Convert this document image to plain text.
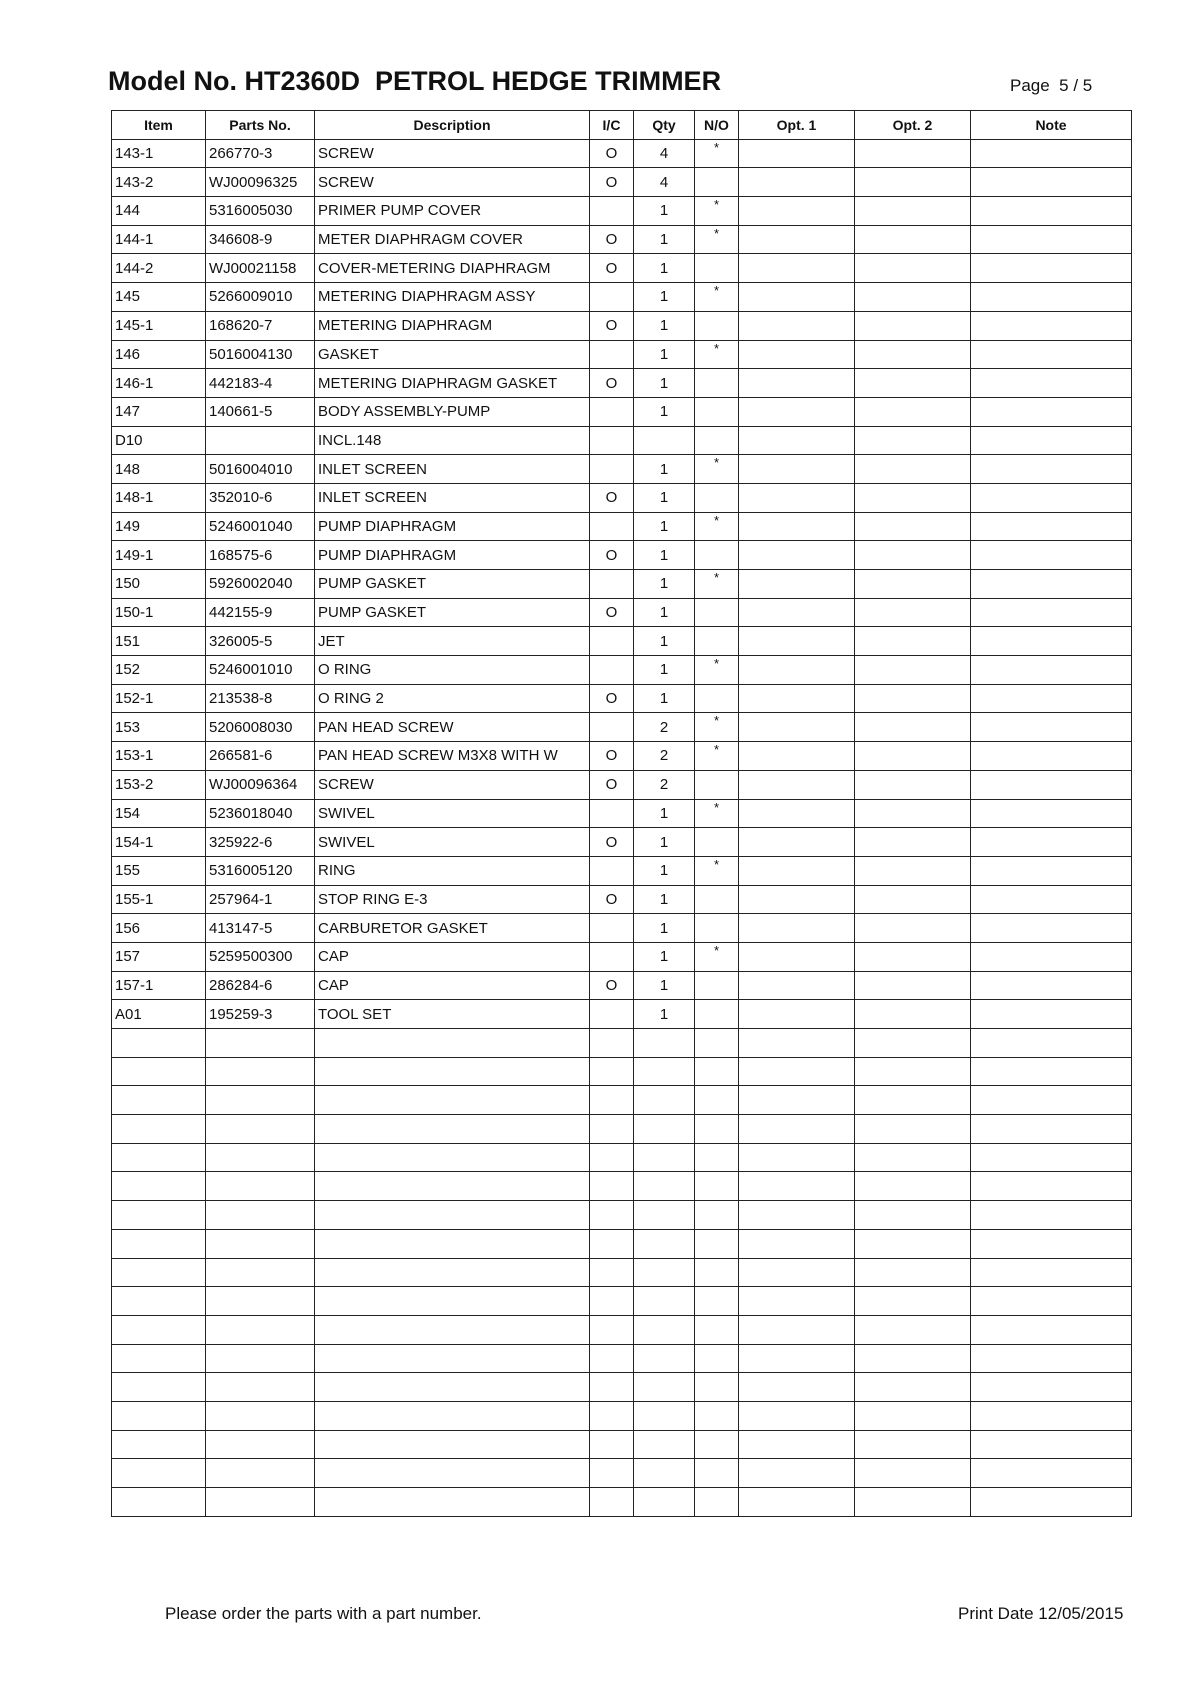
Model No. HT2360D  PETROL HEDGE TRIMMER	Page  5 / 5
Item	Parts No.	Description	I/C	Qty	N/O	Opt. 1	Opt. 2	Note
143-1	266770-3	SCREW	O	4	*			
143-2	WJ00096325	SCREW	O	4				
144	5316005030	PRIMER PUMP COVER		1	*			
144-1	346608-9	METER DIAPHRAGM COVER	O	1	*			
144-2	WJ00021158	COVER-METERING DIAPHRAGM	O	1				
145	5266009010	METERING DIAPHRAGM ASSY		1	*			
145-1	168620-7	METERING DIAPHRAGM	O	1				
146	5016004130	GASKET		1	*			
146-1	442183-4	METERING DIAPHRAGM GASKET	O	1				
147	140661-5	BODY ASSEMBLY-PUMP		1				
D10		INCL.148						
148	5016004010	INLET SCREEN		1	*			
148-1	352010-6	INLET SCREEN	O	1				
149	5246001040	PUMP DIAPHRAGM		1	*			
149-1	168575-6	PUMP DIAPHRAGM	O	1				
150	5926002040	PUMP GASKET		1	*			
150-1	442155-9	PUMP GASKET	O	1				
151	326005-5	JET		1				
152	5246001010	O RING		1	*			
152-1	213538-8	O RING 2	O	1				
153	5206008030	PAN HEAD SCREW		2	*			
153-1	266581-6	PAN HEAD SCREW M3X8 WITH W	O	2	*			
153-2	WJ00096364	SCREW	O	2				
154	5236018040	SWIVEL		1	*			
154-1	325922-6	SWIVEL	O	1				
155	5316005120	RING		1	*			
155-1	257964-1	STOP RING E-3	O	1				
156	413147-5	CARBURETOR GASKET		1				
157	5259500300	CAP		1	*			
157-1	286284-6	CAP	O	1				
A01	195259-3	TOOL SET		1				

Please order the parts with a part number.	Print Date 12/05/2015
